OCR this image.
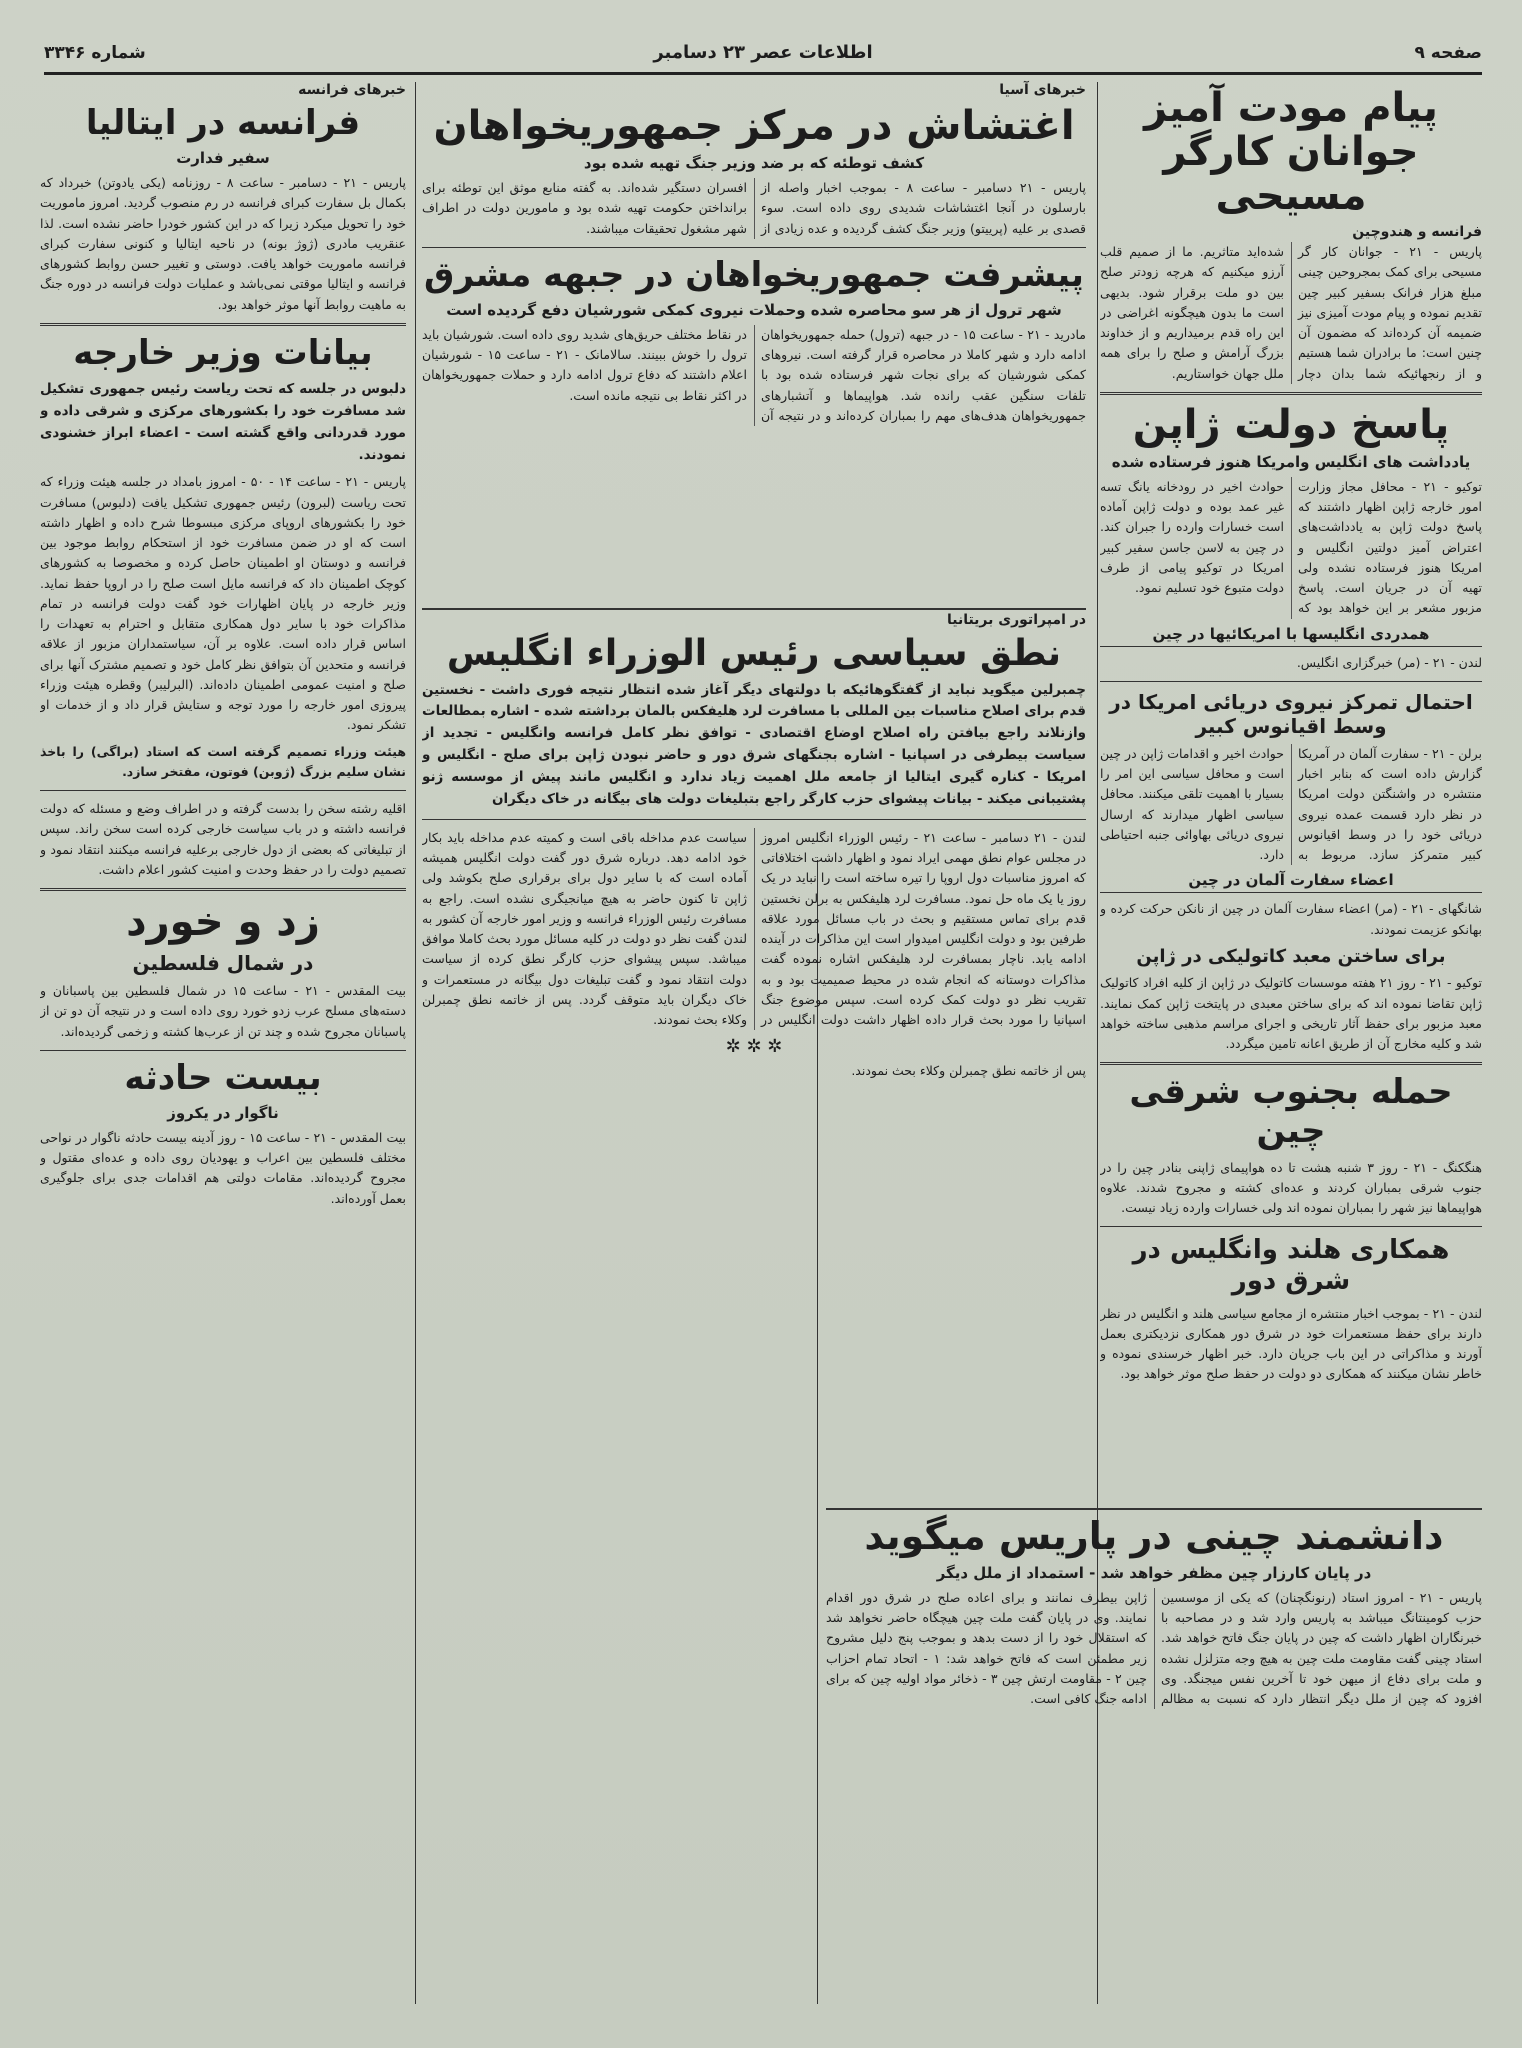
صفحه ۹
اطلاعات عصر ۲۳ دسامبر
شماره ۳۳۴۶
پیام مودت آمیز جوانان کارگر مسیحی
فرانسه و هندوچین
پاریس - ۲۱ - جوانان کار گر مسیحی برای کمک بمجروحین چینی مبلغ هزار فرانک بسفیر کبیر چین تقدیم نموده و پیام مودت آمیزی نیز ضمیمه آن کرده‌اند که مضمون آن چنین است: ما برادران شما هستیم و از رنجهائیکه شما بدان دچار شده‌اید متاثریم. ما از صمیم قلب آرزو میکنیم که هرچه زودتر صلح بین دو ملت برقرار شود. بدیهی است ما بدون هیچگونه اغراضی در این راه قدم برمیداریم و از خداوند بزرگ آرامش و صلح را برای همه ملل جهان خواستاریم.
پاسخ دولت ژاپن
یادداشت های انگلیس وامریکا هنوز فرستاده شده
توکیو - ۲۱ - محافل مجاز وزارت امور خارجه ژاپن اظهار داشتند که پاسخ دولت ژاپن به یادداشت‌های اعتراض آمیز دولتین انگلیس و امریکا هنوز فرستاده نشده ولی تهیه آن در جریان است. پاسخ مزبور مشعر بر این خواهد بود که حوادث اخیر در رودخانه یانگ تسه غیر عمد بوده و دولت ژاپن آماده است خسارات وارده را جبران کند. در چین به لاسن جاسن سفیر کبیر امریکا در توکیو پیامی از طرف دولت متبوع خود تسلیم نمود.
همدردی انگلیسها با امریکائیها در چین
لندن - ۲۱ - (مر) خبرگزاری انگلیس.
احتمال تمرکز نیروی دریائی امریکا در وسط اقیانوس کبیر
برلن - ۲۱ - سفارت آلمان در آمریکا گزارش داده است که بنابر اخبار منتشره در واشنگتن دولت امریکا در نظر دارد قسمت عمده نیروی دریائی خود را در وسط اقیانوس کبیر متمرکز سازد. مربوط به حوادث اخیر و اقدامات ژاپن در چین است و محافل سیاسی این امر را بسیار با اهمیت تلقی میکنند. محافل سیاسی اظهار میدارند که ارسال نیروی دریائی بهاوائی جنبه احتیاطی دارد.
اعضاء سفارت آلمان در چین
شانگهای - ۲۱ - (مر) اعضاء سفارت آلمان در چین از نانکن حرکت کرده و بهانکو عزیمت نمودند.
برای ساختن معبد کاتولیکی در ژاپن
توکیو - ۲۱ - روز ۲۱ هفته موسسات کاتولیک در ژاپن از کلیه افراد کاتولیک ژاپن تقاضا نموده اند که برای ساختن معبدی در پایتخت ژاپن کمک نمایند. معبد مزبور برای حفظ آثار تاریخی و اجرای مراسم مذهبی ساخته خواهد شد و کلیه مخارج آن از طریق اعانه تامین میگردد.
حمله بجنوب شرقی چین
هنگکنگ - ۲۱ - روز ۳ شنبه هشت تا ده هواپیمای ژاپنی بنادر چین را در جنوب شرقی بمباران کردند و عده‌ای کشته و مجروح شدند. علاوه هواپیماها نیز شهر را بمباران نموده اند ولی خسارات وارده زیاد نیست.
همکاری هلند وانگلیس در شرق دور
لندن - ۲۱ - بموجب اخبار منتشره از مجامع سیاسی هلند و انگلیس در نظر دارند برای حفظ مستعمرات خود در شرق دور همکاری نزدیکتری بعمل آورند و مذاکراتی در این باب جریان دارد. خبر اظهار خرسندی نموده و خاطر نشان میکنند که همکاری دو دولت در حفظ صلح موثر خواهد بود.
دانشمند چینی در پاریس میگوید
در پایان کارزار چین مظفر خواهد شد - استمداد از ملل دیگر
پاریس - ۲۱ - امروز استاد (رنونگچنان) که یکی از موسسین حزب کومینتانگ میباشد به پاریس وارد شد و در مصاحبه با خبرنگاران اظهار داشت که چین در پایان جنگ فاتح خواهد شد. استاد چینی گفت مقاومت ملت چین به هیچ وجه متزلزل نشده و ملت برای دفاع از میهن خود تا آخرین نفس میجنگد. وی افزود که چین از ملل دیگر انتظار دارد که نسبت به مظالم ژاپن بیطرف نمانند و برای اعاده صلح در شرق دور اقدام نمایند. وی در پایان گفت ملت چین هیچگاه حاضر نخواهد شد که استقلال خود را از دست بدهد و بموجب پنج دلیل مشروح زیر مطمئن است که فاتح خواهد شد: ۱ - اتحاد تمام احزاب چین ۲ - مقاومت ارتش چین ۳ - ذخائر مواد اولیه چین که برای ادامه جنگ کافی است.
خبرهای آسیا
اغتشاش در مرکز جمهوریخواهان
کشف توطئه که بر ضد وزیر جنگ تهیه شده بود
پاریس - ۲۱ دسامبر - ساعت ۸ - بموجب اخبار واصله از بارسلون در آنجا اغتشاشات شدیدی روی داده است. سوء قصدی بر علیه (پرییتو) وزیر جنگ کشف گردیده و عده زیادی از افسران دستگیر شده‌اند. به گفته منابع موثق این توطئه برای برانداختن حکومت تهیه شده بود و مامورین دولت در اطراف شهر مشغول تحقیقات میباشند.
پیشرفت جمهوریخواهان در جبهه مشرق
شهر ترول از هر سو محاصره شده وحملات نیروی کمکی شورشیان دفع گردیده است
مادرید - ۲۱ - ساعت ۱۵ - در جبهه (ترول) حمله جمهوریخواهان ادامه دارد و شهر کاملا در محاصره قرار گرفته است. نیروهای کمکی شورشیان که برای نجات شهر فرستاده شده بود با تلفات سنگین عقب رانده شد. هواپیماها و آتشبارهای جمهوریخواهان هدف‌های مهم را بمباران کرده‌اند و در نتیجه آن در نقاط مختلف حریق‌های شدید روی داده است. شورشیان باید ترول را خوش ببینند. سالامانک - ۲۱ - ساعت ۱۵ - شورشیان اعلام داشتند که دفاع ترول ادامه دارد و حملات جمهوریخواهان در اکثر نقاط بی نتیجه مانده است.
در امپراتوری بریتانیا
نطق سیاسی رئیس الوزراء انگلیس
چمبرلین میگوید نباید از گفتگوهائیکه با دولتهای دیگر آغاز شده انتظار نتیجه فوری داشت - نخستین قدم برای اصلاح مناسبات بین المللی با مسافرت لرد هلیفکس بالمان برداشته شده - اشاره بمطالعات وازنلاند راجع بیافتن راه اصلاح اوضاع اقتصادی - توافق نظر کامل فرانسه وانگلیس - تجدید از سیاست بیطرفی در اسپانیا - اشاره بجنگهای شرق دور و حاضر نبودن ژاپن برای صلح - انگلیس و امریکا - کناره گیری ایتالیا از جامعه ملل اهمیت زیاد ندارد و انگلیس مانند پیش از موسسه ژنو پشتیبانی میکند - بیانات پیشوای حزب کارگر راجع بتبلیغات دولت های بیگانه در خاک دیگران
لندن - ۲۱ دسامبر - ساعت ۲۱ - رئیس الوزراء انگلیس امروز در مجلس عوام نطق مهمی ایراد نمود و اظهار داشت اختلافاتی که امروز مناسبات دول اروپا را تیره ساخته است را نباید در یک روز یا یک ماه حل نمود. مسافرت لرد هلیفکس به برلن نخستین قدم برای تماس مستقیم و بحث در باب مسائل مورد علاقه طرفین بود و دولت انگلیس امیدوار است این مذاکرات در آینده ادامه یابد. ناچار بمسافرت لرد هلیفکس اشاره نموده گفت مذاکرات دوستانه که انجام شده در محیط صمیمیت بود و به تقریب نظر دو دولت کمک کرده است. سپس موضوع جنگ اسپانیا را مورد بحث قرار داده اظهار داشت دولت انگلیس در سیاست عدم مداخله باقی است و کمیته عدم مداخله باید بکار خود ادامه دهد. درباره شرق دور گفت دولت انگلیس همیشه آماده است که با سایر دول برای برقراری صلح بکوشد ولی ژاپن تا کنون حاضر به هیچ میانجیگری نشده است. راجع به مسافرت رئیس الوزراء فرانسه و وزیر امور خارجه آن کشور به لندن گفت نظر دو دولت در کلیه مسائل مورد بحث کاملا موافق میباشد. سپس پیشوای حزب کارگر نطق کرده از سیاست دولت انتقاد نمود و گفت تبلیغات دول بیگانه در مستعمرات و خاک دیگران باید متوقف گردد. پس از خاتمه نطق چمبرلن وکلاء بحث نمودند.
✲ ✲ ✲
پس از خاتمه نطق چمبرلن وکلاء بحث نمودند.
خبرهای فرانسه
فرانسه در ایتالیا
سفیر فدارت
پاریس - ۲۱ - دسامبر - ساعت ۸ - روزنامه (یکی یادوتن) خبرداد که بکمال بل سفارت کبرای فرانسه در رم منصوب گردید. امروز ماموریت خود را تحویل میکرد زیرا که در این کشور خودرا حاضر نشده است. لذا عنقریب مادری (ژوژ بونه) در ناحیه ایتالیا و کنونی سفارت کبرای فرانسه ماموریت خواهد یافت. دوستی و تغییر حسن روابط کشورهای فرانسه و ایتالیا موقتی نمی‌باشد و عملیات دولت فرانسه در دوره جنگ به ماهیت روابط آنها موثر خواهد بود.
بیانات وزیر خارجه
دلبوس در جلسه که تحت ریاست رئیس جمهوری تشکیل شد مسافرت خود را بکشورهای مرکزی و شرقی داده و مورد قدردانی واقع گشته است - اعضاء ابراز خشنودی نمودند.
پاریس - ۲۱ - ساعت ۱۴ - ۵۰ - امروز بامداد در جلسه هیئت وزراء که تحت ریاست (لبرون) رئیس جمهوری تشکیل یافت (دلبوس) مسافرت خود را بکشورهای اروپای مرکزی مبسوطا شرح داده و اظهار داشته است که او در ضمن مسافرت خود از استحکام روابط موجود بین فرانسه و دوستان او اطمینان حاصل کرده و مخصوصا به کشورهای کوچک اطمینان داد که فرانسه مایل است صلح را در اروپا حفظ نماید. وزیر خارجه در پایان اظهارات خود گفت دولت فرانسه در تمام مذاکرات خود با سایر دول همکاری متقابل و احترام به تعهدات را اساس قرار داده است. علاوه بر آن، سیاستمداران مزبور از علاقه فرانسه و متحدین آن بتوافق نظر کامل خود و تصمیم مشترک آنها برای صلح و امنیت عمومی اطمینان داده‌اند. (البرلیبر) وقطره هیئت وزراء پیروزی امور خارجه را مورد توجه و ستایش قرار داد و از خدمات او تشکر نمود.
هیئت وزراء تصمیم گرفته است که استاد (براگی) را باخذ نشان سلیم بزرگ (ژوبن) فوتون، مفتخر سازد.
اقلیه رشته سخن را بدست گرفته و در اطراف وضع و مسئله که دولت فرانسه داشته و در باب سیاست خارجی کرده است سخن راند. سپس از تبلیغاتی که بعضی از دول خارجی برعلیه فرانسه میکنند انتقاد نمود و تصمیم دولت را در حفظ وحدت و امنیت کشور اعلام داشت.
زد و خورد
در شمال فلسطین
بیت المقدس - ۲۱ - ساعت ۱۵ در شمال فلسطین بین پاسبانان و دسته‌های مسلح عرب زدو خورد روی داده است و در نتیجه آن دو تن از پاسبانان مجروح شده و چند تن از عرب‌ها کشته و زخمی گردیده‌اند.
بیست حادثه
ناگوار در یکروز
بیت المقدس - ۲۱ - ساعت ۱۵ - روز آدینه بیست حادثه ناگوار در نواحی مختلف فلسطین بین اعراب و یهودیان روی داده و عده‌ای مقتول و مجروح گردیده‌اند. مقامات دولتی هم اقدامات جدی برای جلوگیری بعمل آورده‌اند.
